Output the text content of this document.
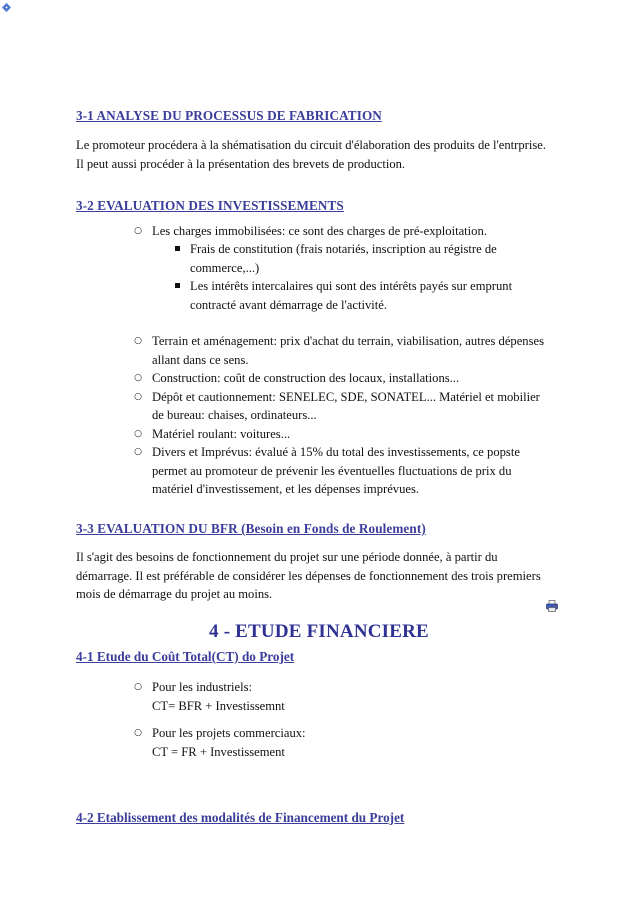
3-1 ANALYSE DU PROCESSUS DE FABRICATION
Le promoteur procédera à la shématisation du circuit d'élaboration des produits de l'entrprise.
Il peut aussi procéder à la présentation des brevets de production.
3-2 EVALUATION DES INVESTISSEMENTS
○ Les charges immobilisées: ce sont des charges de pré-exploitation.
Frais de constitution (frais notariés, inscription au régistre de
commerce,...)
Les intérêts intercalaires qui sont des intérêts payés sur emprunt
contracté avant démarrage de l'activité.
○ Terrain et aménagement: prix d'achat du terrain, viabilisation, autres dépenses
allant dans ce sens.
○ Construction: coût de construction des locaux, installations...
○ Dépôt et cautionnement: SENELEC, SDE, SONATEL... Matériel et mobilier
de bureau: chaises, ordinateurs...
○ Matériel roulant: voitures...
○ Divers et Imprévus: évalué à 15% du total des investissements, ce popste
permet au promoteur de prévenir les éventuelles fluctuations de prix du
matériel d'investissement, et les dépenses imprévues.
3-3 EVALUATION DU BFR (Besoin en Fonds de Roulement)
Il s'agit des besoins de fonctionnement du projet sur une période donnée, à partir du
démarrage. Il est préférable de considérer les dépenses de fonctionnement des trois premiers
mois de démarrage du projet au moins.
4 - ETUDE FINANCIERE
4-1 Etude du Coût Total(CT) do Projet
○ Pour les industriels:
CT= BFR + Investissemnt
○ Pour les projets commerciaux:
CT = FR + Investissement
4-2 Etablissement des modalités de Financement du Projet
